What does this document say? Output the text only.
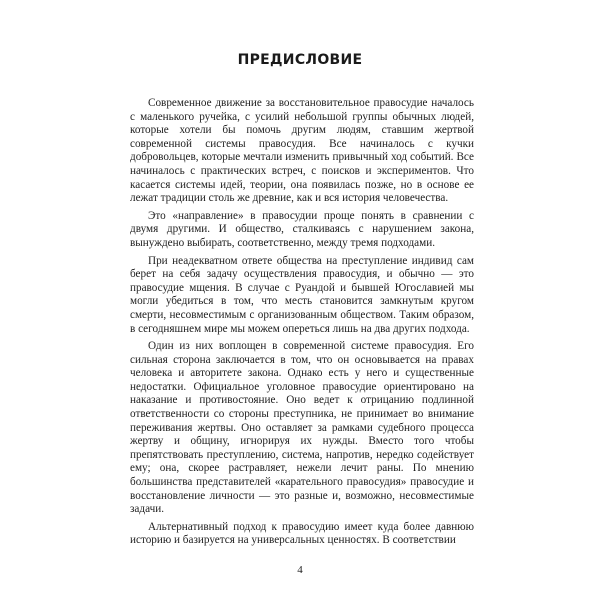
ПРЕДИСЛОВИЕ

Современное движение за восстановительное правосудие началось с маленького ручейка, с усилий небольшой группы обычных людей, которые хотели бы помочь другим людям, ставшим жертвой современной системы правосудия. Все начиналось с кучки добровольцев, которые мечтали изменить привычный ход событий. Все начиналось с практических встреч, с поисков и экспериментов. Что касается системы идей, теории, она появилась позже, но в основе ее лежат традиции столь же древние, как и вся история человечества.

Это «направление» в правосудии проще понять в сравнении с двумя другими. И общество, сталкиваясь с нарушением закона, вынуждено выбирать, соответственно, между тремя подходами.

При неадекватном ответе общества на преступление индивид сам берет на себя задачу осуществления правосудия, и обычно — это правосудие мщения. В случае с Руандой и бывшей Югославией мы могли убедиться в том, что месть становится замкнутым кругом смерти, несовместимым с организованным обществом. Таким образом, в сегодняшнем мире мы можем опереться лишь на два других подхода.

Один из них воплощен в современной системе правосудия. Его сильная сторона заключается в том, что он основывается на правах человека и авторитете закона. Однако есть у него и существенные недостатки. Официальное уголовное правосудие ориентировано на наказание и противостояние. Оно ведет к отрицанию подлинной ответственности со стороны преступника, не принимает во внимание переживания жертвы. Оно оставляет за рамками судебного процесса жертву и общину, игнорируя их нужды. Вместо того чтобы препятствовать преступлению, система, напротив, нередко содействует ему; она, скорее растравляет, нежели лечит раны. По мнению большинства представителей «карательного правосудия» правосудие и восстановление личности — это разные и, возможно, несовместимые задачи.

Альтернативный подход к правосудию имеет куда более давнюю историю и базируется на универсальных ценностях. В соответствии

4
